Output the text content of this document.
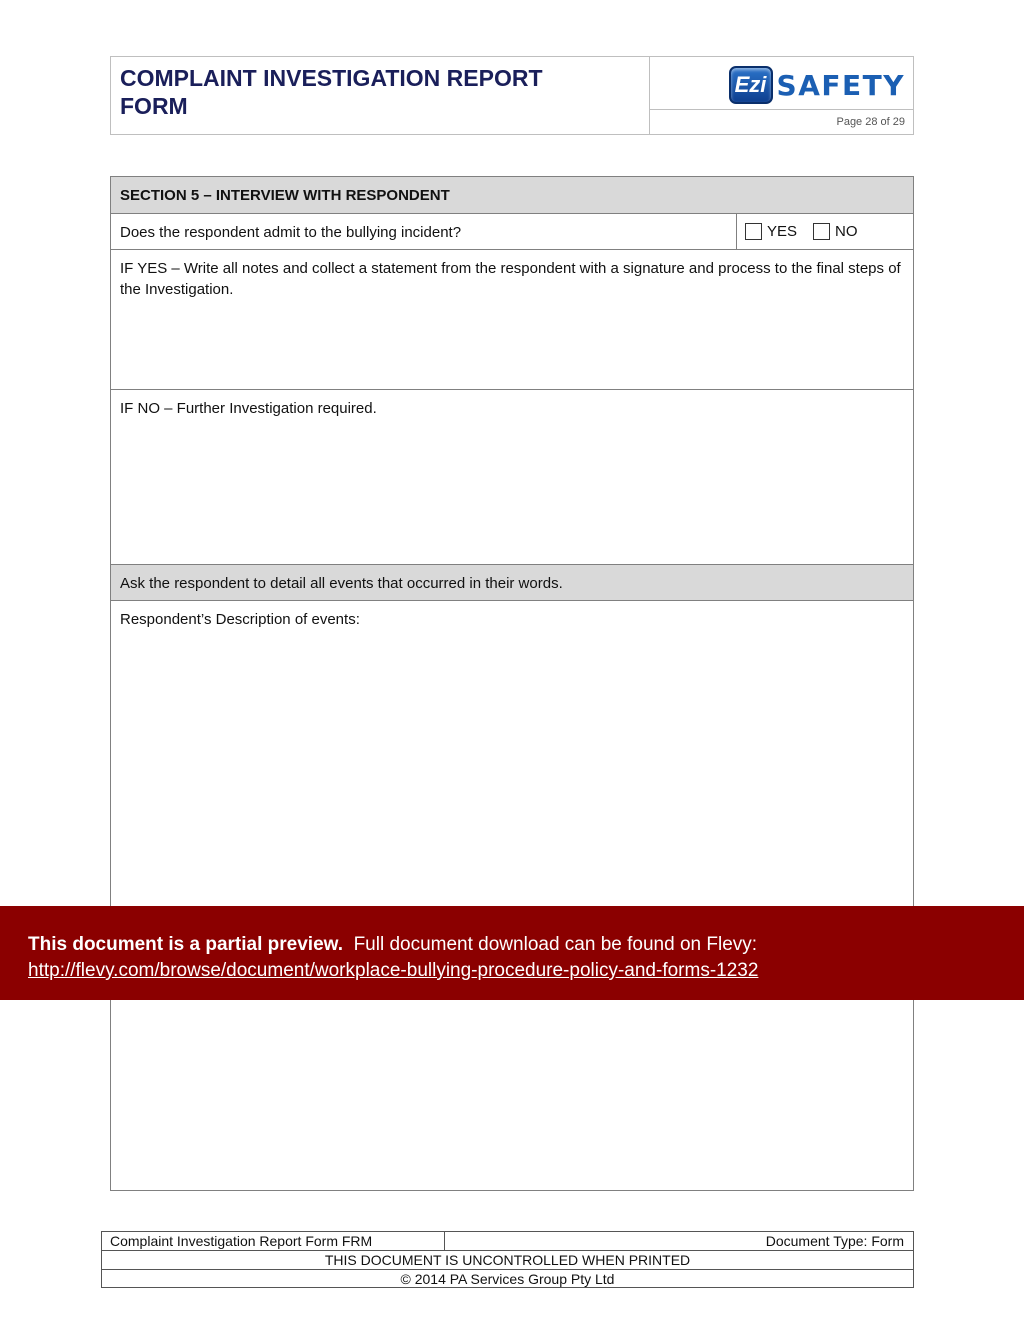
COMPLAINT INVESTIGATION REPORT
FORM
Ezi SAFETY
Page 28 of 29
SECTION 5 – INTERVIEW WITH RESPONDENT
Does the respondent admit to the bullying incident?	YES	NO
IF YES – Write all notes and collect a statement from the respondent with a signature and process to the final steps of the Investigation.
IF NO – Further Investigation required.
Ask the respondent to detail all events that occurred in their words.
Respondent’s Description of events:
This document is a partial preview. Full document download can be found on Flevy:
http://flevy.com/browse/document/workplace-bullying-procedure-policy-and-forms-1232
Complaint Investigation Report Form FRM	Document Type: Form
THIS DOCUMENT IS UNCONTROLLED WHEN PRINTED
© 2014 PA Services Group Pty Ltd
